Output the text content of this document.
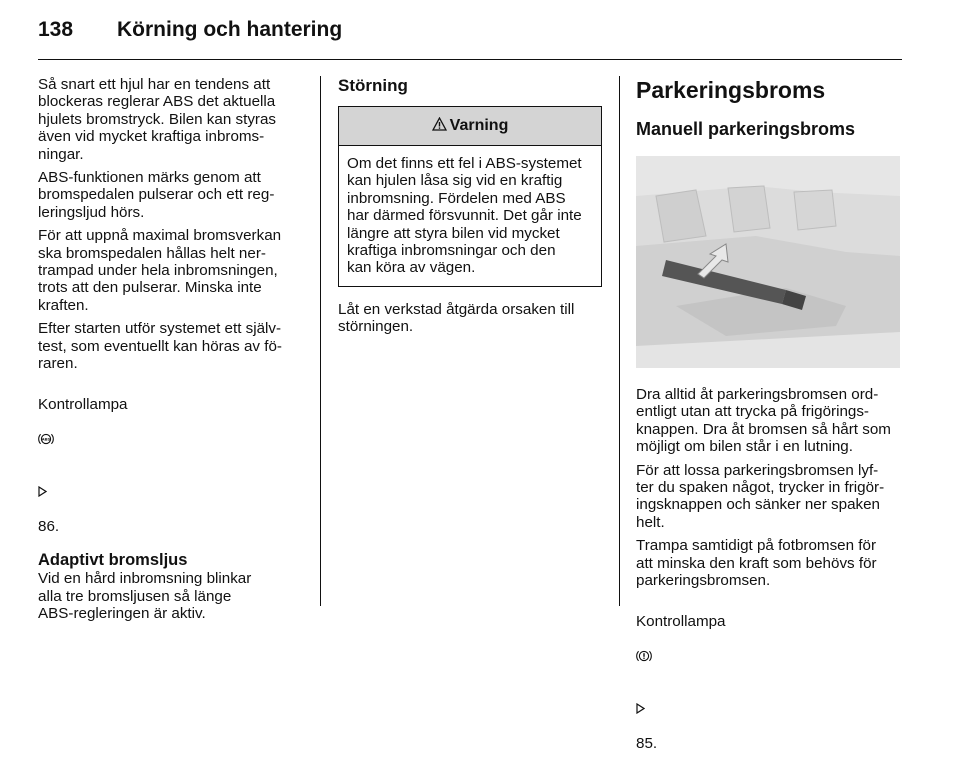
138 Körning och hantering

Så snart ett hjul har en tendens att
blockeras reglerar ABS det aktuella
hjulets bromstryck. Bilen kan styras
även vid mycket kraftiga inbroms-
ningar.

ABS-funktionen märks genom att
bromspedalen pulserar och ett reg-
leringsljud hörs.

För att uppnå maximal bromsverkan
ska bromspedalen hållas helt ner-
trampad under hela inbromsningen,
trots att den pulserar. Minska inte
kraften.

Efter starten utför systemet ett själv-
test, som eventuellt kan höras av fö-
raren.

Kontrollampa

ABS

86.

Adaptivt bromsljus

Vid en hård inbromsning blinkar
alla tre bromsljusen så länge
ABS-regleringen är aktiv.

Störning
Varning
Om det finns ett fel i ABS-systemet
kan hjulen låsa sig vid en kraftig
inbromsning. Fördelen med ABS
har därmed försvunnit. Det går inte
längre att styra bilen vid mycket
kraftiga inbromsningar och den
kan köra av vägen.

Låt en verkstad åtgärda orsaken till
störningen.

Parkeringsbroms
Manuell parkeringsbroms

Dra alltid åt parkeringsbromsen ord-
entligt utan att trycka på frigörings-
knappen. Dra åt bromsen så hårt som
möjligt om bilen står i en lutning.

För att lossa parkeringsbromsen lyf-
ter du spaken något, trycker in frigör-
ingsknappen och sänker ner spaken
helt.

Trampa samtidigt på fotbromsen för
att minska den kraft som behövs för
parkeringsbromsen.

Kontrollampa

85.
